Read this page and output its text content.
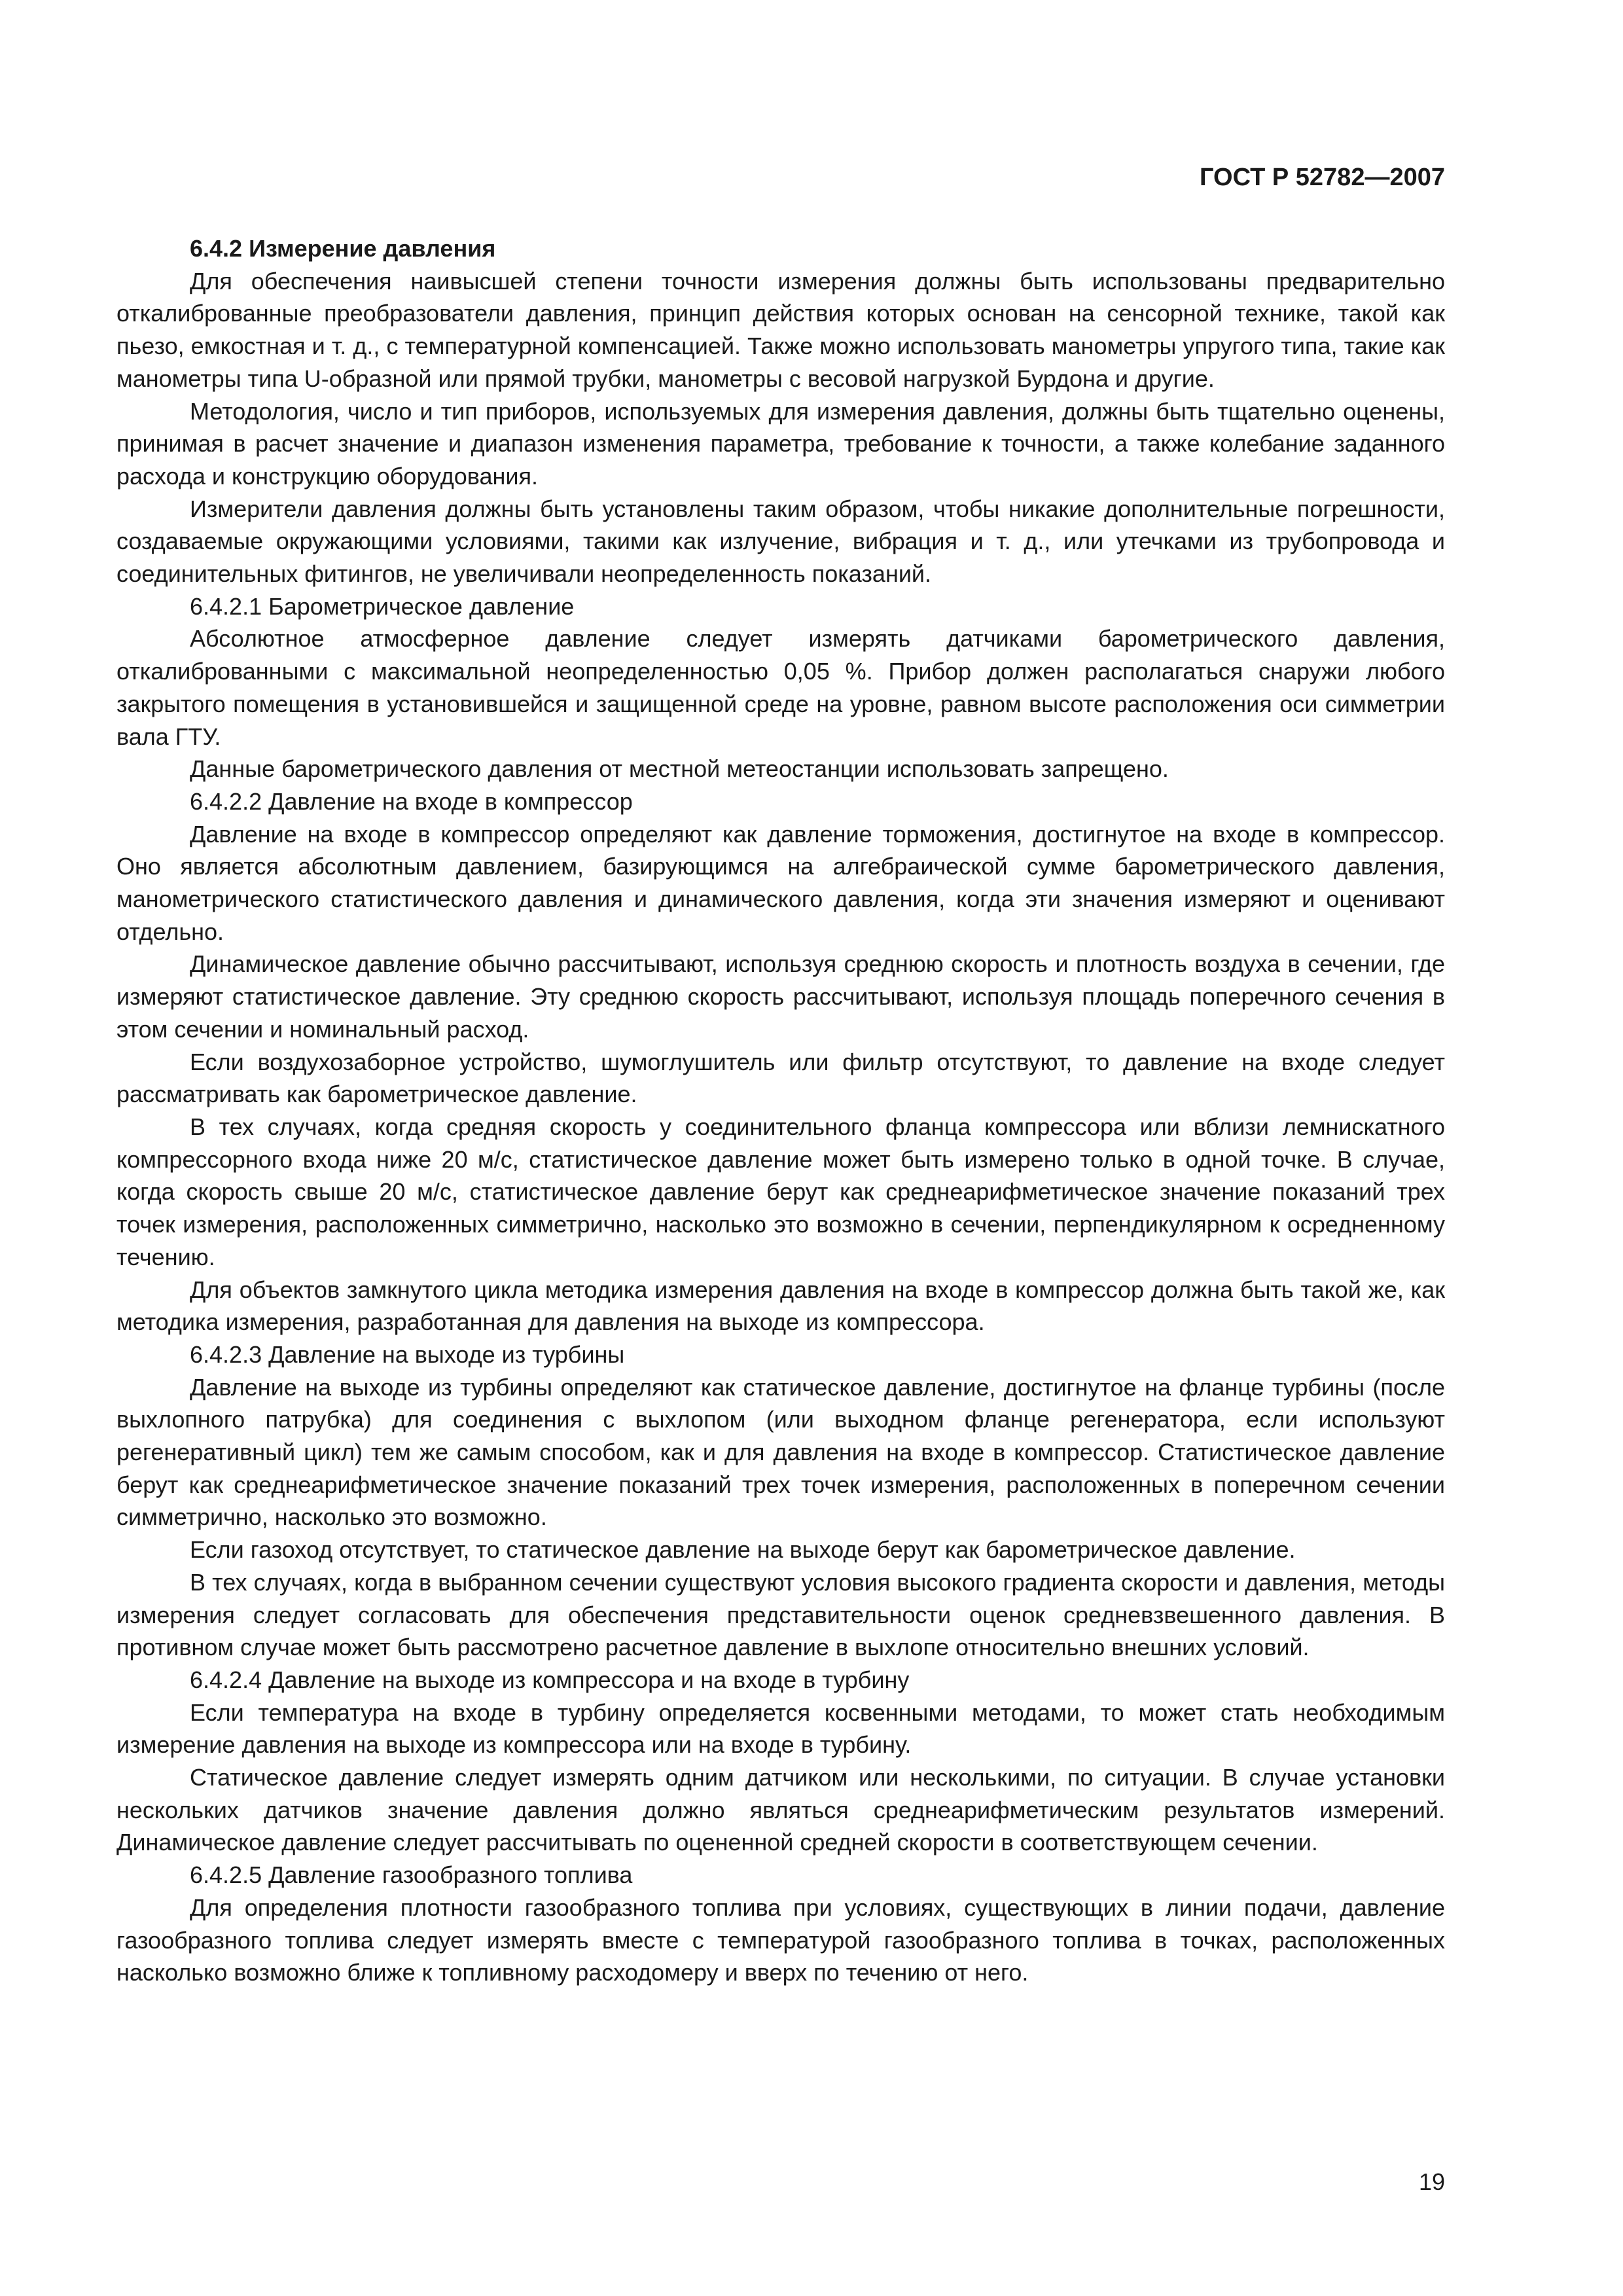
ГОСТ Р 52782—2007

6.4.2 Измерение давления

Для обеспечения наивысшей степени точности измерения должны быть использованы предварительно откалиброванные преобразователи давления, принцип действия которых основан на сенсорной технике, такой как пьезо, емкостная и т. д., с температурной компенсацией. Также можно использовать манометры упругого типа, такие как манометры типа U-образной или прямой трубки, манометры с весовой нагрузкой Бурдона и другие.

Методология, число и тип приборов, используемых для измерения давления, должны быть тщательно оценены, принимая в расчет значение и диапазон изменения параметра, требование к точности, а также колебание заданного расхода и конструкцию оборудования.

Измерители давления должны быть установлены таким образом, чтобы никакие дополнительные погрешности, создаваемые окружающими условиями, такими как излучение, вибрация и т. д., или утечками из трубопровода и соединительных фитингов, не увеличивали неопределенность показаний.

6.4.2.1 Барометрическое давление

Абсолютное атмосферное давление следует измерять датчиками барометрического давления, откалиброванными с максимальной неопределенностью 0,05 %. Прибор должен располагаться снаружи любого закрытого помещения в установившейся и защищенной среде на уровне, равном высоте расположения оси симметрии вала ГТУ.

Данные барометрического давления от местной метеостанции использовать запрещено.

6.4.2.2 Давление на входе в компрессор

Давление на входе в компрессор определяют как давление торможения, достигнутое на входе в компрессор. Оно является абсолютным давлением, базирующимся на алгебраической сумме барометрического давления, манометрического статистического давления и динамического давления, когда эти значения измеряют и оценивают отдельно.

Динамическое давление обычно рассчитывают, используя среднюю скорость и плотность воздуха в сечении, где измеряют статистическое давление. Эту среднюю скорость рассчитывают, используя площадь поперечного сечения в этом сечении и номинальный расход.

Если воздухозаборное устройство, шумоглушитель или фильтр отсутствуют, то давление на входе следует рассматривать как барометрическое давление.

В тех случаях, когда средняя скорость у соединительного фланца компрессора или вблизи лемнискатного компрессорного входа ниже 20 м/с, статистическое давление может быть измерено только в одной точке. В случае, когда скорость свыше 20 м/с, статистическое давление берут как среднеарифметическое значение показаний трех точек измерения, расположенных симметрично, насколько это возможно в сечении, перпендикулярном к осредненному течению.

Для объектов замкнутого цикла методика измерения давления на входе в компрессор должна быть такой же, как методика измерения, разработанная для давления на выходе из компрессора.

6.4.2.3 Давление на выходе из турбины

Давление на выходе из турбины определяют как статическое давление, достигнутое на фланце турбины (после выхлопного патрубка) для соединения с выхлопом (или выходном фланце регенератора, если используют регенеративный цикл) тем же самым способом, как и для давления на входе в компрессор. Статистическое давление берут как среднеарифметическое значение показаний трех точек измерения, расположенных в поперечном сечении симметрично, насколько это возможно.

Если газоход отсутствует, то статическое давление на выходе берут как барометрическое давление.

В тех случаях, когда в выбранном сечении существуют условия высокого градиента скорости и давления, методы измерения следует согласовать для обеспечения представительности оценок средневзвешенного давления. В противном случае может быть рассмотрено расчетное давление в выхлопе относительно внешних условий.

6.4.2.4 Давление на выходе из компрессора и на входе в турбину

Если температура на входе в турбину определяется косвенными методами, то может стать необходимым измерение давления на выходе из компрессора или на входе в турбину.

Статическое давление следует измерять одним датчиком или несколькими, по ситуации. В случае установки нескольких датчиков значение давления должно являться среднеарифметическим результатов измерений. Динамическое давление следует рассчитывать по оцененной средней скорости в соответствующем сечении.

6.4.2.5 Давление газообразного топлива

Для определения плотности газообразного топлива при условиях, существующих в линии подачи, давление газообразного топлива следует измерять вместе с температурой газообразного топлива в точках, расположенных насколько возможно ближе к топливному расходомеру и вверх по течению от него.

19
